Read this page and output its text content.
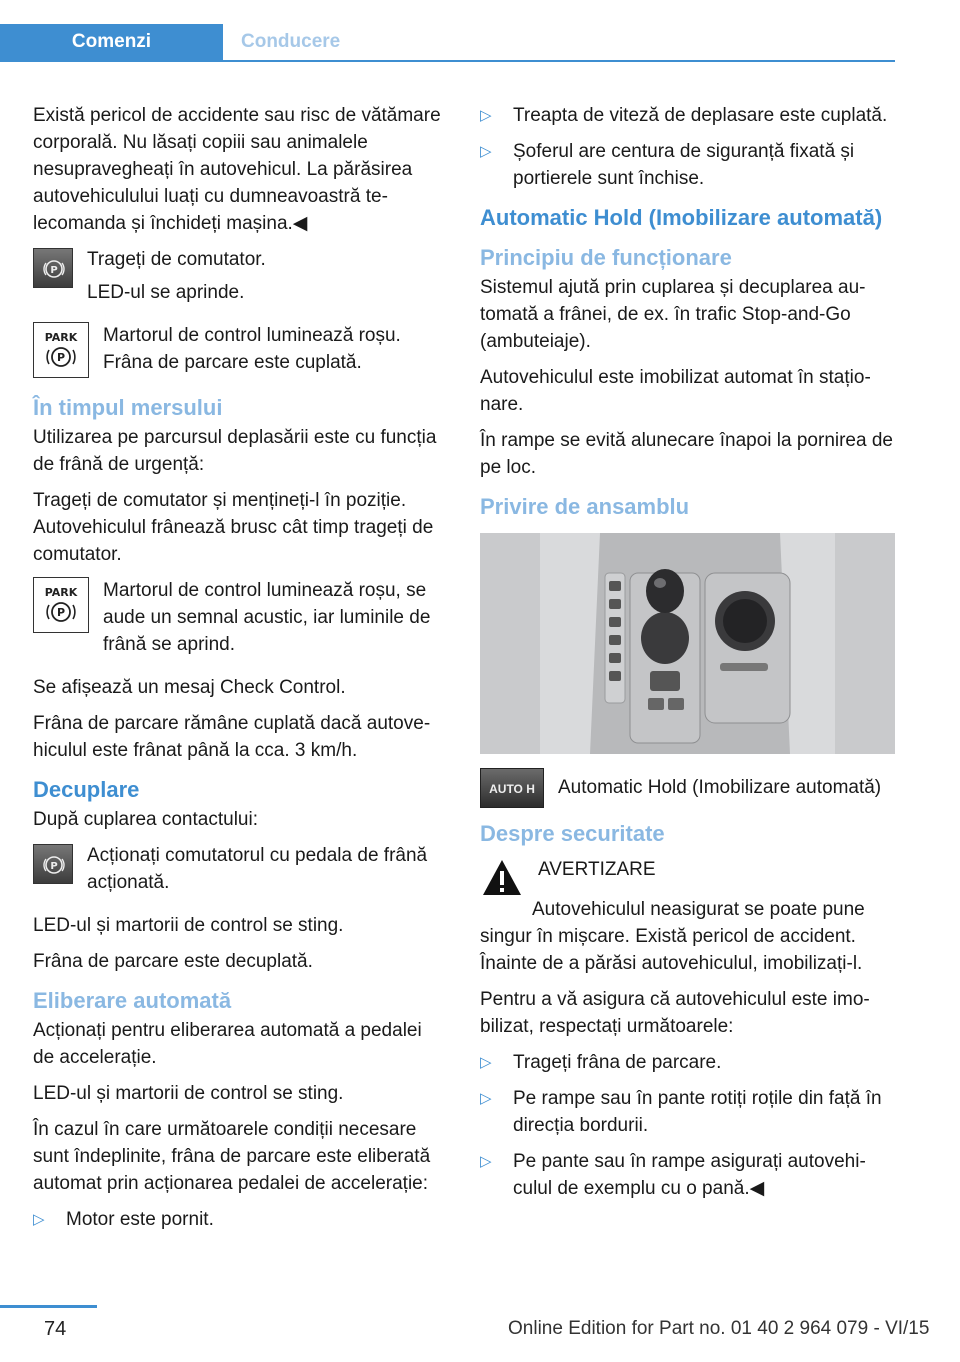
Comenzi	Conducere

Există pericol de accidente sau risc de vătămare corporală. Nu lăsați copiii sau animalele nesupravegheați în autovehicul. La părăsirea autovehiculului luați cu dumneavoastră telecomanda și închideți mașina.◀

P

Trageți de comutator.

LED-ul se aprinde.

PARK
P

Martorul de control luminează roșu. Frâna de parcare este cuplată.

În timpul mersului

Utilizarea pe parcursul deplasării este cu funcția de frână de urgență:

Trageți de comutator și mențineți-l în poziție. Autovehiculul frânează brusc cât timp trageți de comutator.

PARK
P

Martorul de control luminează roșu, se aude un semnal acustic, iar luminile de frână se aprind.

Se afișează un mesaj Check Control.

Frâna de parcare rămâne cuplată dacă autovehiculul este frânat până la cca. 3 km/h.

Decuplare

După cuplarea contactului:

P

Acționați comutatorul cu pedala de frână acționată.

LED-ul și martorii de control se sting.

Frâna de parcare este decuplată.

Eliberare automată

Acționați pentru eliberarea automată a pedalei de accelerație.

LED-ul și martorii de control se sting.

În cazul în care următoarele condiții necesare sunt îndeplinite, frâna de parcare este eliberată automat prin acționarea pedalei de accelerație:

▷ Motor este pornit.
▷ Treapta de viteză de deplasare este cuplată.
▷ Șoferul are centura de siguranță fixată și portierele sunt închise.
Automatic Hold (Imobilizare automată)
Principiu de funcționare

Sistemul ajută prin cuplarea și decuplarea automată a frânei, de ex. în trafic Stop-and-Go (ambuteiaje).

Autovehiculul este imobilizat automat în staționare.

În rampe se evită alunecare înapoi la pornirea de pe loc.

Privire de ansamblu
AUTO H	Automatic Hold (Imobilizare automată)

Despre securitate

AVERTIZARE

Autovehiculul neasigurat se poate pune singur în mișcare. Există pericol de accident. Înainte de a părăsi autovehiculul, imobilizați-l.

Pentru a vă asigura că autovehiculul este imobilizat, respectați următoarele:

▷ Trageți frâna de parcare.
▷ Pe rampe sau în pante rotiți roțile din față în direcția bordurii.
▷ Pe pante sau în rampe asigurați autovehiculul de exemplu cu o pană.◀
74	Online Edition for Part no. 01 40 2 964 079 - VI/15
